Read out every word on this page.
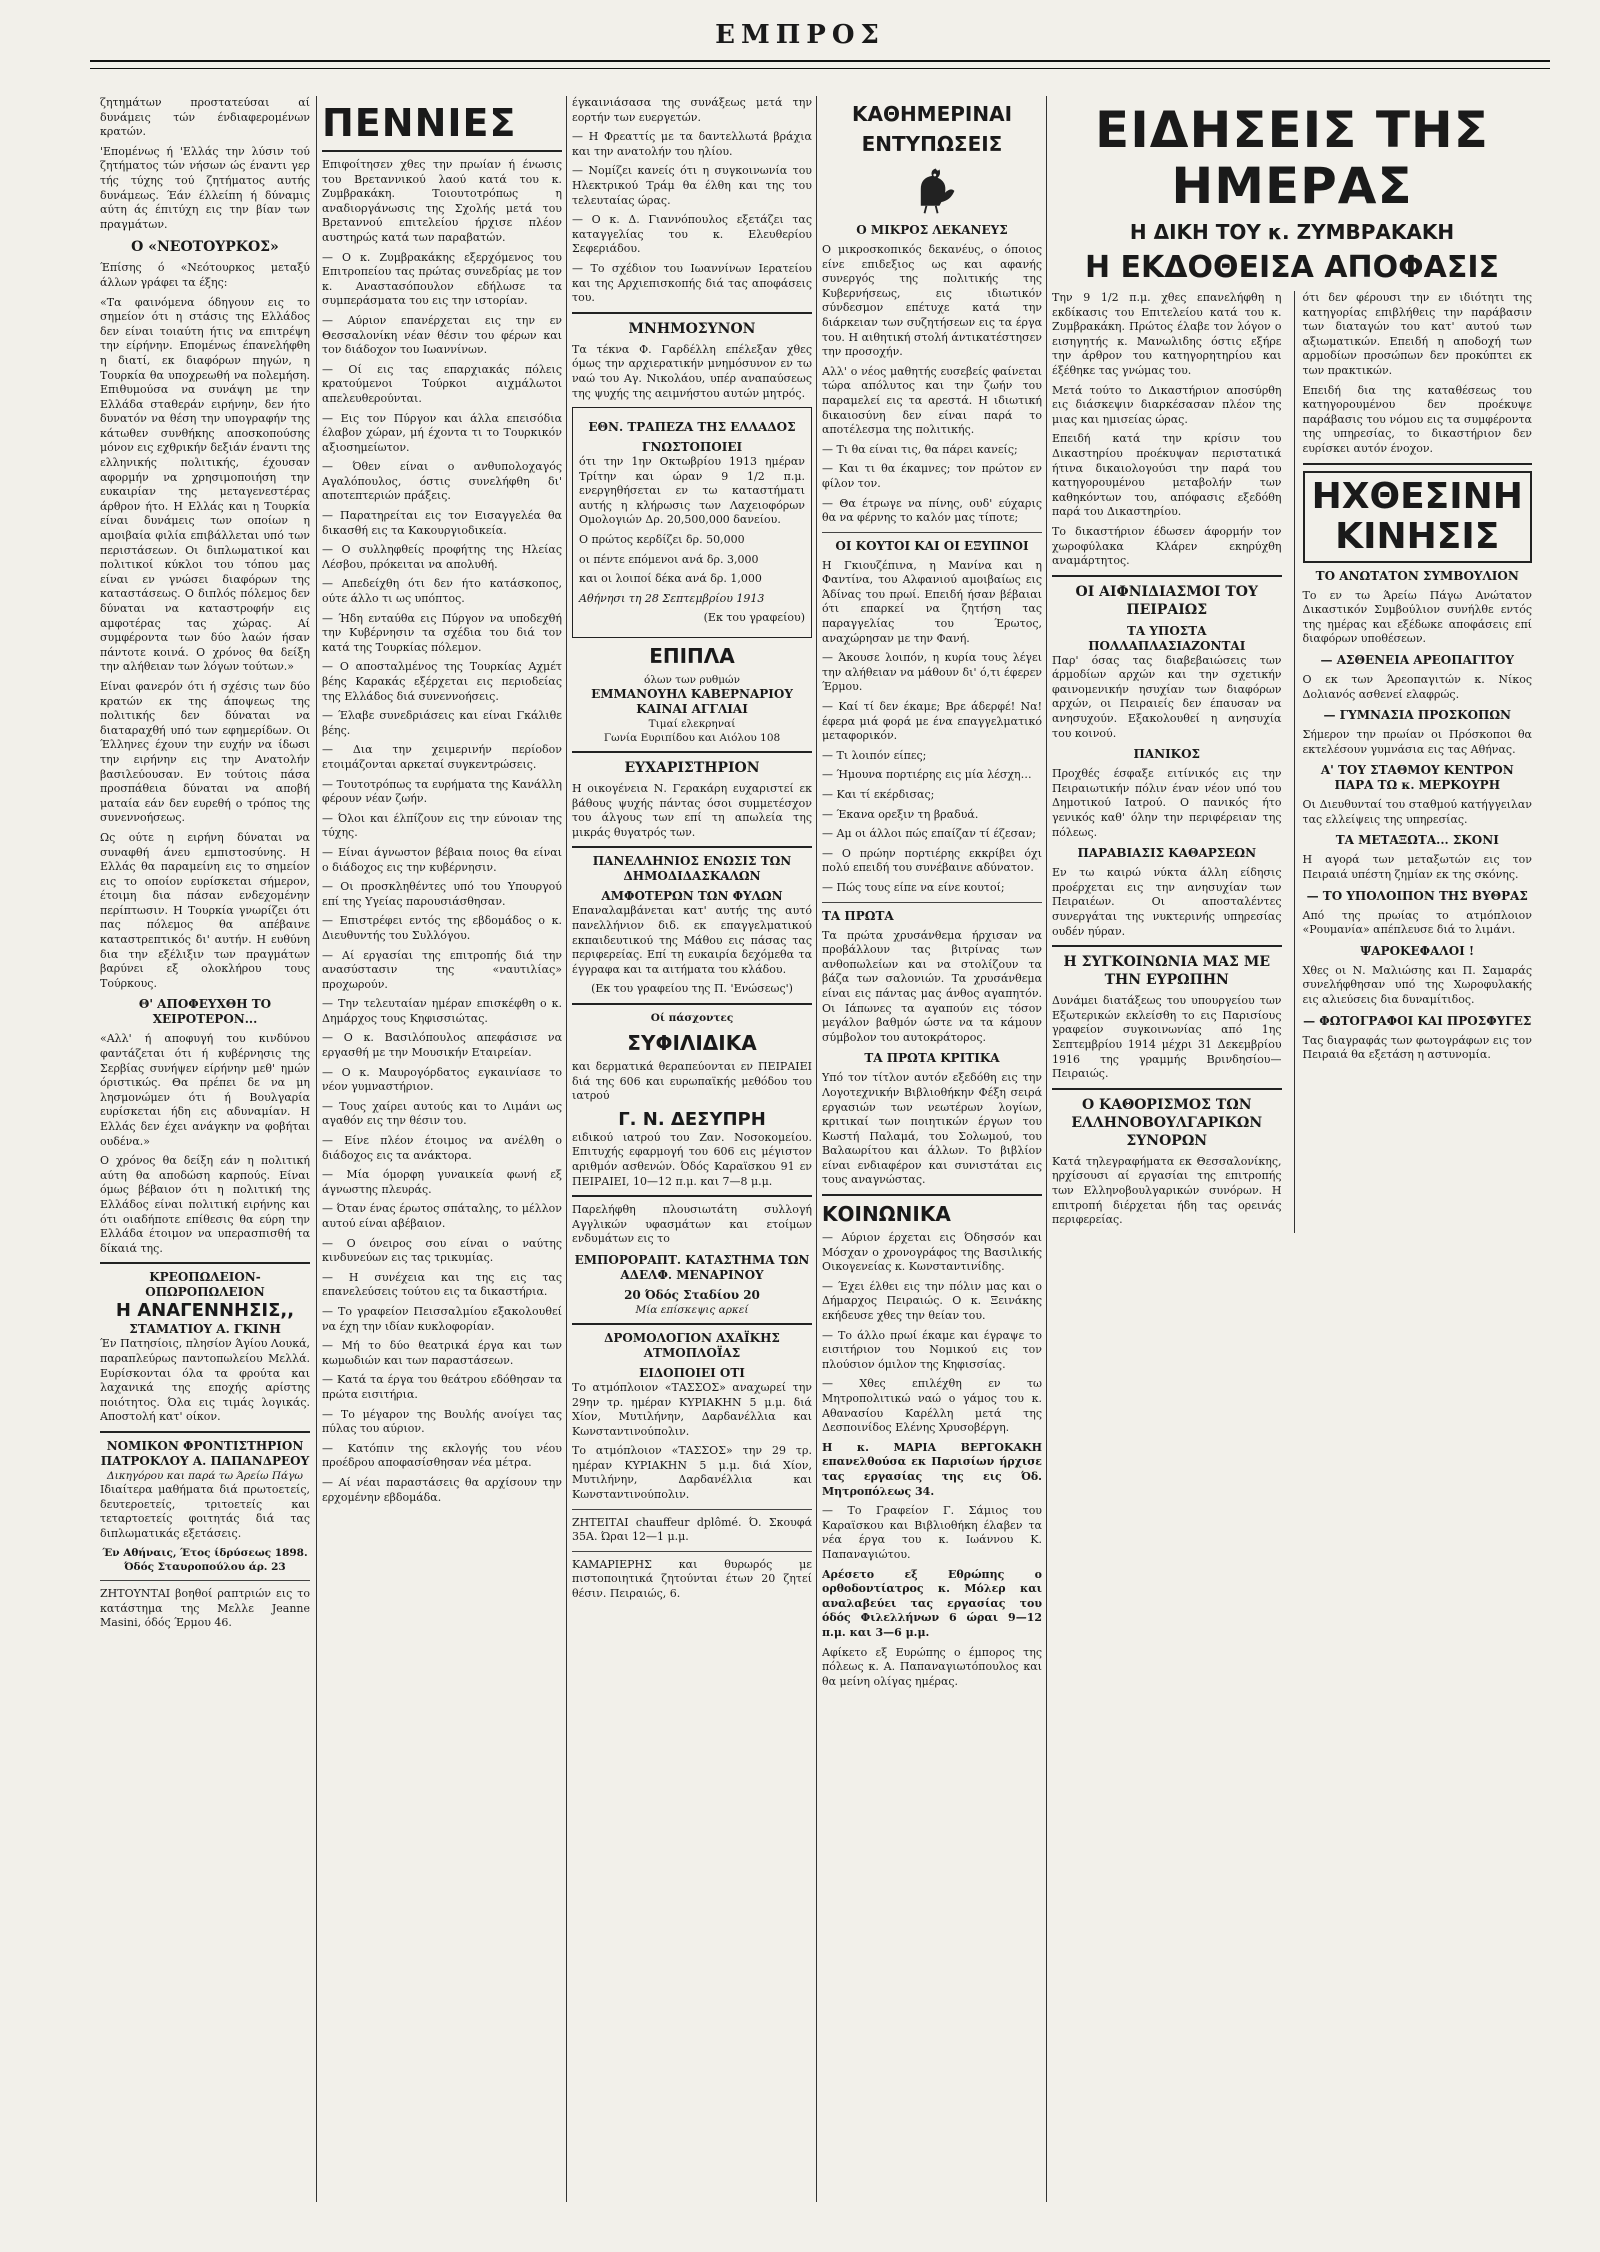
ΕΜΠΡΟΣ

ζητημάτων προστατεύσαι αί δυνάμεις τών ένδιαφερομένων κρατών.

'Επομένως ή 'Ελλάς την λύσιν τού ζητήματος τών νήσων ώς έναντι γερ τής τύχης τού ζητήματος αυτής δυνάμεως. Έάν έλλείπη ή δύναμις αύτη άς έπιτύχη εις την βίαν των πραγμάτων.

Ο «ΝΕΟΤΟΥΡΚΟΣ»

Έπίσης ό «Νεότουρκος μεταξύ άλλων γράφει τα έξης:

«Τα φαινόμενα όδηγουν εις το σημείον ότι η στάσις της Ελλάδος δεν είναι τοιαύτη ήτις να επιτρέψη την είρήνην. Επομένως έπανελήφθη η διατί, εκ διαφόρων πηγών, η Τουρκία θα υποχρεωθή να πολεμήση. Επιθυμούσα να συνάψη με την Ελλάδα σταθεράν ειρήνην, δεν ήτο δυνατόν να θέση την υπογραφήν της κάτωθεν συνθήκης αποσκοπούσης μόνον εις εχθρικήν δεξιάν έναντι της ελληνικής πολιτικής, έχουσαν αφορμήν να χρησιμοποιήση την ευκαιρίαν της μεταγενεστέρας άρθρον ήτο. Η Ελλάς και η Τουρκία είναι δυνάμεις των οποίων η αμοιβαία φιλία επιβάλλεται υπό των περιστάσεων. Οι διπλωματικοί και πολιτικοί κύκλοι του τόπου μας είναι εν γνώσει διαφόρων της καταστάσεως. Ο διπλός πόλεμος δεν δύναται να καταστροφήν εις αμφοτέρας τας χώρας. Αί συμφέροντα των δύο λαών ήσαν πάντοτε κοινά. Ο χρόνος θα δείξη την αλήθειαν των λόγων τούτων.»

Είναι φανερόν ότι ή σχέσις των δύο κρατών εκ της άποψεως της πολιτικής δεν δύναται να διαταραχθή υπό των εφημερίδων. Οι Έλληνες έχουν την ευχήν να ίδωσι την ειρήνην εις την Ανατολήν βασιλεύουσαν. Εν τούτοις πάσα προσπάθεια δύναται να αποβή ματαία εάν δεν ευρεθή ο τρόπος της συνεννοήσεως.

Ως ούτε η ειρήνη δύναται να συναφθή άνευ εμπιστοσύνης. Η Ελλάς θα παραμείνη εις το σημείον εις το οποίον ευρίσκεται σήμερον, έτοιμη δια πάσαν ενδεχομένην περίπτωσιν. Η Τουρκία γνωρίζει ότι πας πόλεμος θα απέβαινε καταστρεπτικός δι' αυτήν. Η ευθύνη δια την εξέλιξιν των πραγμάτων βαρύνει εξ ολοκλήρου τους Τούρκους.

Θ' ΑΠΟΦΕΥΧΘΗ ΤΟ ΧΕΙΡΟΤΕΡΟΝ...

«Αλλ' ή αποφυγή του κινδύνου φαντάζεται ότι ή κυβέρνησις της Σερβίας συνήψεν είρήνην μεθ' ημών όριστικώς. Θα πρέπει δε να μη λησμονώμεν ότι ή Βουλγαρία ευρίσκεται ήδη εις αδυναμίαν. Η Ελλάς δεν έχει ανάγκην να φοβήται ουδένα.»

Ο χρόνος θα δείξη εάν η πολιτική αύτη θα αποδώση καρπούς. Είναι όμως βέβαιον ότι η πολιτική της Ελλάδος είναι πολιτική ειρήνης και ότι οιαδήποτε επίθεσις θα εύρη την Ελλάδα έτοιμον να υπερασπισθή τα δίκαιά της.

ΚΡΕΟΠΩΛΕΙΟΝ-ΟΠΩΡΟΠΩΛΕΙΟΝ
Η ΑΝΑΓΕΝΝΗΣΙΣ,,
ΣΤΑΜΑΤΙΟΥ Α. ΓΚΙΝΗ

Έν Πατησίοις, πλησίον Άγίου Λουκά, παραπλεύρως παντοπωλείου Μελλά. Ευρίσκονται όλα τα φρούτα και λαχανικά της εποχής αρίστης ποιότητος. Όλα εις τιμάς λογικάς. Αποστολή κατ' οίκον.

ΝΟΜΙΚΟΝ ΦΡΟΝΤΙΣΤΗΡΙΟΝ
ΠΑΤΡΟΚΛΟΥ Α. ΠΑΠΑΝΔΡΕΟΥ
Δικηγόρου και παρά τω Άρείω Πάγω

Ιδιαίτερα μαθήματα διά πρωτοετείς, δευτεροετείς, τριτοετείς και τεταρτοετείς φοιτητάς διά τας διπλωματικάς εξετάσεις.

Έν Αθήναις, Έτος ίδρύσεως 1898. Όδός Σταυροπούλου άρ. 23

ΖΗΤΟΥΝΤΑΙ βοηθοί ραπτριών εις το κατάστημα της Μελλε Jeanne Masini, όδός Έρμου 46.

ΠΕΝΝΙΕΣ

Επιφοίτησεν χθες την πρωίαν ή ένωσις του Βρεταννικού λαού κατά του κ. Ζυμβρακάκη. Τοιουτοτρόπως η αναδιοργάνωσις της Σχολής μετά του Βρεταννού επιτελείου ήρχισε πλέον αυστηρώς κατά των παραβατών.

— Ο κ. Ζυμβρακάκης εξερχόμενος του Επιτροπείου τας πρώτας συνεδρίας με τον κ. Αναστασόπουλον εδήλωσε τα συμπεράσματα του εις την ιστορίαν.

— Αύριον επανέρχεται εις την εν Θεσσαλονίκη νέαν θέσιν του φέρων και τον διάδοχον του Ιωαννίνων.

— Οί εις τας επαρχιακάς πόλεις κρατούμενοι Τούρκοι αιχμάλωτοι απελευθερούνται.

— Εις τον Πύργον και άλλα επεισόδια έλαβον χώραν, μή έχοντα τι το Τουρκικόν αξιοσημείωτον.

— Όθεν είναι ο ανθυπολοχαγός Αγαλόπουλος, όστις συνελήφθη δι' αποτεπτεριών πράξεις.

— Παρατηρείται εις τον Εισαγγελέα θα δικασθή εις τα Κακουργιοδικεία.

— Ο συλληφθείς προφήτης της Ηλείας Λέσβου, πρόκειται να απολυθή.

— Απεδείχθη ότι δεν ήτο κατάσκοπος, ούτε άλλο τι ως υπόπτος.

— Ήδη ενταύθα εις Πύργον να υποδεχθή την Κυβέρνησιν τα σχέδια του διά τον κατά της Τουρκίας πόλεμον.

— Ο αποσταλμένος της Τουρκίας Αχμέτ βέης Καρακάς εξέρχεται εις περιοδείας της Ελλάδος διά συνεννοήσεις.

— Έλαβε συνεδριάσεις και είναι Γκάλιθε βέης.

— Δια την χειμερινήν περίοδον ετοιμάζονται αρκεταί συγκεντρώσεις.

— Τουτοτρόπως τα ευρήματα της Κανάλλη φέρουν νέαν ζωήν.

— Όλοι και έλπίζουν εις την εύνοιαν της τύχης.

— Είναι άγνωστον βέβαια ποιος θα είναι ο διάδοχος εις την κυβέρνησιν.

— Οι προσκληθέντες υπό του Υπουργού επί της Υγείας παρουσιάσθησαν.

— Επιστρέφει εντός της εβδομάδος ο κ. Διευθυντής του Συλλόγου.

— Αί εργασίαι της επιτροπής διά την ανασύστασιν της «ναυτιλίας» προχωρούν.

— Την τελευταίαν ημέραν επισκέφθη ο κ. Δημάρχος τους Κηφισσιώτας.

— Ο κ. Βασιλόπουλος απεφάσισε να εργασθή με την Μουσικήν Εταιρείαν.

— Ο κ. Μαυρογόρδατος εγκαινίασε το νέον γυμναστήριον.

— Τους χαίρει αυτούς και το Λιμάνι ως αγαθόν εις την θέσιν του.

— Είνε πλέον έτοιμος να ανέλθη ο διάδοχος εις τα ανάκτορα.

— Μία όμορφη γυναικεία φωνή εξ άγνωστης πλευράς.

— Όταν ένας έρωτος σπάταλης, το μέλλον αυτού είναι αβέβαιον.

— Ο όνειρος σου είναι ο ναύτης κινδυνεύων εις τας τρικυμίας.

— Η συνέχεια και της εις τας επανελεύσεις τούτου εις τα δικαστήρια.

— Το γραφείον Πεισσαλμίου εξακολουθεί να έχη την ιδίαν κυκλοφορίαν.

— Μή το δύο θεατρικά έργα και των κωμωδιών και των παραστάσεων.

— Κατά τα έργα του θεάτρου εδόθησαν τα πρώτα εισιτήρια.

— Το μέγαρον της Βουλής ανοίγει τας πύλας του αύριον.

— Κατόπιν της εκλογής του νέου προέδρου αποφασίσθησαν νέα μέτρα.

— Αί νέαι παραστάσεις θα αρχίσουν την ερχομένην εβδομάδα.

έγκαινιάσασα της συνάξεως μετά την εορτήν των ευεργετών.

— Η Φρεαττίς με τα δαντελλωτά βράχια και την ανατολήν του ηλίου.

— Νομίζει κανείς ότι η συγκοινωνία του Ηλεκτρικού Τράμ θα έλθη και της του τελευταίας ώρας.

— Ο κ. Δ. Γιαννόπουλος εξετάζει τας καταγγελίας του κ. Ελευθερίου Σεφεριάδου.

— Το σχέδιον του Ιωαννίνων Ιερατείου και της Αρχιεπισκοπής διά τας αποφάσεις του.

ΜΝΗΜΟΣΥΝΟΝ

Τα τέκνα Φ. Γαρδέλλη επέλεξαν χθες όμως την αρχιερατικήν μνημόσυνον εν τω ναώ του Αγ. Νικολάου, υπέρ αναπαύσεως της ψυχής της αειμνήστου αυτών μητρός.

ΕΘΝ. ΤΡΑΠΕΖΑ ΤΗΣ ΕΛΛΑΔΟΣ
ΓΝΩΣΤΟΠΟΙΕΙ

ότι την 1ην Οκτωβρίου 1913 ημέραν Τρίτην και ώραν 9 1/2 π.μ. ενεργηθήσεται εν τω καταστήματι αυτής η κλήρωσις των Λαχειοφόρων Ομολογιών Δρ. 20,500,000 δανείου.

Ο πρώτος κερδίζει δρ. 50,000

οι πέντε επόμενοι ανά δρ. 3,000

και οι λοιποί δέκα ανά δρ. 1,000

Αθήνησι τη 28 Σεπτεμβρίου 1913

(Εκ του γραφείου)

ΕΠΙΠΛΑ
όλων των ρυθμών
ΕΜΜΑΝΟΥΗΛ ΚΑΒΕΡΝΑΡΙΟΥ
ΚΑΙΝΑΙ ΑΓΓΛΙΑΙ
Τιμαί ελεκρηναί
Γωνία Ευριπίδου και Αιόλου 108
ΕΥΧΑΡΙΣΤΗΡΙΟΝ

Η οικογένεια Ν. Γερακάρη ευχαριστεί εκ βάθους ψυχής πάντας όσοι συμμετέσχον του άλγους των επί τη απωλεία της μικράς θυγατρός των.

ΠΑΝΕΛΛΗΝΙΟΣ ΕΝΩΣΙΣ ΤΩΝ ΔΗΜΟΔΙΔΑΣΚΑΛΩΝ
ΑΜΦΟΤΕΡΩΝ ΤΩΝ ΦΥΛΩΝ

Επαναλαμβάνεται κατ' αυτής της αυτό πανελλήνιον διδ. εκ επαγγελματικού εκπαιδευτικού της Μάθου εις πάσας τας περιφερείας. Επί τη ευκαιρία δεχόμεθα τα έγγραφα και τα αιτήματα του κλάδου.

(Εκ του γραφείου της Π. 'Ενώσεως')

Οί πάσχοντες
ΣΥΦΙΛΙΔΙΚΑ

και δερματικά θεραπεύονται εν ΠΕΙΡΑΙΕΙ διά της 606 και ευρωπαϊκής μεθόδου του ιατρού

Γ. Ν. ΔΕΣΥΠΡΗ

ειδικού ιατρού του Ζαν. Νοσοκομείου. Επιτυχής εφαρμογή του 606 εις μέγιστον αριθμόν ασθενών. Όδός Καραϊσκου 91 εν ΠΕΙΡΑΙΕΙ, 10—12 π.μ. και 7—8 μ.μ.

Παρελήφθη πλουσιωτάτη συλλογή Αγγλικών υφασμάτων και ετοίμων ενδυμάτων εις το

ΕΜΠΟΡΟΡΑΠΤ. ΚΑΤΑΣΤΗΜΑ ΤΩΝ ΑΔΕΛΦ. ΜΕΝΑΡΙΝΟΥ
20 Όδός Σταδίου 20
Μία επίσκεψις αρκεί
ΔΡΟΜΟΛΟΓΙΟΝ ΑΧΑΪΚΗΣ ΑΤΜΟΠΛΟΪΑΣ
ΕΙΔΟΠΟΙΕΙ ΟΤΙ

Το ατμόπλοιον «ΤΑΣΣΟΣ» αναχωρεί την 29ην τρ. ημέραν ΚΥΡΙΑΚΗΝ 5 μ.μ. διά Χίον, Μυτιλήνην, Δαρδανέλλια και Κωνσταντινούπολιν.

Το ατμόπλοιον «ΤΑΣΣΟΣ» την 29 τρ. ημέραν ΚΥΡΙΑΚΗΝ 5 μ.μ. διά Χίον, Μυτιλήνην, Δαρδανέλλια και Κωνσταντινούπολιν.

ΖΗΤΕΙΤΑΙ chauffeur dplômé. Ό. Σκουφά 35Α. Ώραι 12—1 μ.μ.

ΚΑΜΑΡΙΕΡΗΣ και θυρωρός με πιστοποιητικά ζητούνται έτων 20 ζητεί θέσιν. Πειραιώς, 6.

ΚΑΘΗΜΕΡΙΝΑΙ
ΕΝΤΥΠΩΣΕΙΣ
Ο ΜΙΚΡΟΣ ΛΕΚΑΝΕΥΣ

Ο μικροσκοπικός δεκανέυς, ο όποιος είνε επιδεξιος ως και αφανής συνεργός της πολιτικής της Κυβερνήσεως, εις ιδιωτικόν σύνδεσμον επέτυχε κατά την διάρκειαν των συζητήσεων εις τα έργα του. Η αιθητική στολή άντικατέστησεν την προσοχήν.

Αλλ' ο νέος μαθητής ευσεβείς φαίνεται τώρα απόλυτος και την ζωήν του παραμελεί εις τα αρεστά. Η ιδιωτική δικαιοσύνη δεν είναι παρά το αποτέλεσμα της πολιτικής.

— Τι θα είναι τις, θα πάρει κανείς;

— Και τι θα έκαμνες; τον πρώτον εν φίλον τον.

— Θα έτρωγε να πίνης, ουδ' εύχαρις θα να φέρνης το καλόν μας τίποτε;

ΟΙ ΚΟΥΤΟΙ ΚΑΙ ΟΙ ΕΞΥΠΝΟΙ

Η Γκιουζέπινα, η Μανίνα και η Φαντίνα, του Αλφανιού αμοιβαίως εις Άδίνας του πρωί. Επειδή ήσαν βέβαιαι ότι επαρκεί να ζητήση τας παραγγελίας του Έρωτος, αναχώρησαν με την Φανή.

— Άκουσε λοιπόν, η κυρία τους λέγει την αλήθειαν να μάθουν δι' ό,τι έφερεν Έρμου.

— Καί τί δεν έκαμε; Βρε άδερφέ! Να! έφερα μιά φορά με ένα επαγγελματικό μεταφορικόν.

— Τι λοιπόν είπες;

— Ήμουνα πορτιέρης εις μία λέσχη…

— Και τί εκέρδισας;

— Έκανα ορεξιν τη βραδυά.

— Αμ οι άλλοι πώς επαίζαν τί έζεσαν;

— Ο πρώην πορτιέρης εκκρίβει όχι πολύ επειδή του συνέβαινε αδύνατον.

— Πώς τους είπε να είνε κουτοί;

ΤΑ ΠΡΩΤΑ

Τα πρώτα χρυσάνθεμα ήρχισαν να προβάλλουν τας βιτρίνας των ανθοπωλείων και να στολίζουν τα βάζα των σαλονιών. Τα χρυσάνθεμα είναι εις πάντας μας άνθος αγαπητόν. Οι Ιάπωνες τα αγαπούν εις τόσον μεγάλον βαθμόν ώστε να τα κάμουν σύμβολον του αυτοκράτορος.

ΤΑ ΠΡΩΤΑ ΚΡΙΤΙΚΑ

Υπό τον τίτλον αυτόν εξεδόθη εις την Λογοτεχνικήν Βιβλιοθήκην Φέξη σειρά εργασιών των νεωτέρων λογίων, κριτικαί των ποιητικών έργων του Κωστή Παλαμά, του Σολωμού, του Βαλαωρίτου και άλλων. Το βιβλίον είναι ενδιαφέρον και συνιστάται εις τους αναγνώστας.

ΚΟΙΝΩΝΙΚΑ

— Αύριον έρχεται εις Όδησσόν και Μόσχαν ο χρονογράφος της Βασιλικής Οικογενείας κ. Κωνσταντινίδης.

— Έχει έλθει εις την πόλιν μας και ο Δήμαρχος Πειραιώς. Ο κ. Ξεινάκης εκήδευσε χθες την θείαν του.

— Το άλλο πρωί έκαμε και έγραψε το εισιτήριον του Νομικού εις τον πλούσιον όμιλον της Κηφισσίας.

— Χθες επιλέχθη εν τω Μητροπολιτικώ ναώ ο γάμος του κ. Αθανασίου Καρέλλη μετά της Δεσποινίδος Ελένης Χρυσοβέργη.

Η κ. ΜΑΡΙΑ ΒΕΡΓΟΚΑΚΗ επανελθούσα εκ Παρισίων ήρχισε τας εργασίας της εις Όδ. Μητροπόλεως 34.

— Το Γραφείον Γ. Σάμιος του Καραϊσκου και Βιβλιοθήκη έλαβεν τα νέα έργα του κ. Ιωάννου Κ. Παπαναγιώτου.

Αρέσετο εξ Εθρώπης ο ορθοδοντίατρος κ. Μόλερ και αναλαβεύει τας εργασίας του όδός Φιλελλήνων 6 ώραι 9—12 π.μ. και 3—6 μ.μ.

Αφίκετο εξ Ευρώπης ο έμπορος της πόλεως κ. Α. Παπαναγιωτόπουλος και θα μείνη ολίγας ημέρας.

ΕΙΔΗΣΕΙΣ ΤΗΣ ΗΜΕΡΑΣ
Η ΔΙΚΗ ΤΟΥ κ. ΖΥΜΒΡΑΚΑΚΗ
Η ΕΚΔΟΘΕΙΣΑ ΑΠΟΦΑΣΙΣ

Την 9 1/2 π.μ. χθες επανελήφθη η εκδίκασις του Επιτελείου κατά του κ. Ζυμβρακάκη. Πρώτος έλαβε τον λόγον ο εισηγητής κ. Μανωλιδης όστις εξήρε την άρθρον του κατηγορητηρίου και έξέθηκε τας γνώμας του.

Μετά τούτο το Δικαστήριον αποσύρθη εις διάσκεψιν διαρκέσασαν πλέον της μιας και ημισείας ώρας.

Επειδή κατά την κρίσιν του Δικαστηρίου προέκυψαν περιστατικά ήτινα δικαιολογούσι την παρά του κατηγορουμένου μεταβολήν των καθηκόντων του, απόφασις εξεδόθη παρά του Δικαστηρίου.

Το δικαστήριον έδωσεν άφορμήν τον χωροφύλακα Κλάρεν εκηρύχθη αναμάρτητος.

ΟΙ ΑΙΦΝΙΔΙΑΣΜΟΙ ΤΟΥ ΠΕΙΡΑΙΩΣ
ΤΑ ΥΠΟΣΤΑ ΠΟΛΛΑΠΛΑΣΙΑΖΟΝΤΑΙ

Παρ' όσας τας διαβεβαιώσεις των άρμοδίων αρχών και την σχετικήν φαινομενικήν ησυχίαν των διαφόρων αρχών, οι Πειραιείς δεν έπαυσαν να ανησυχούν. Εξακολουθεί η ανησυχία του κοινού.

ΠΑΝΙΚΟΣ

Προχθές έσφαξε ειτίνικός εις την Πειραιωτικήν πόλιν έναν νέον υπό του Δημοτικού Ιατρού. Ο πανικός ήτο γενικός καθ' όλην την περιφέρειαν της πόλεως.

ΠΑΡΑΒΙΑΣΙΣ ΚΑΘΑΡΣΕΩΝ

Εν τω καιρώ νύκτα άλλη είδησις προέρχεται εις την ανησυχίαν των Πειραιέων. Οι αποσταλέντες συνεργάται της νυκτερινής υπηρεσίας ουδέν ηύραν.

Η ΣΥΓΚΟΙΝΩΝΙΑ ΜΑΣ ΜΕ ΤΗΝ ΕΥΡΩΠΗΝ

Δυνάμει διατάξεως του υπουργείου των Εξωτερικών εκλείσθη το εις Παρισίους γραφείον συγκοινωνίας από 1ης Σεπτεμβρίου 1914 μέχρι 31 Δεκεμβρίου 1916 της γραμμής Βρινδησίου—Πειραιώς.

Ο ΚΑΘΟΡΙΣΜΟΣ ΤΩΝ ΕΛΛΗΝΟΒΟΥΛΓΑΡΙΚΩΝ ΣΥΝΟΡΩΝ

Κατά τηλεγραφήματα εκ Θεσσαλονίκης, ηρχίσουσι αί εργασίαι της επιτροπής των Ελληνοβουλγαρικών συνόρων. Η επιτροπή διέρχεται ήδη τας ορεινάς περιφερείας.

ότι δεν φέρουσι την εν ιδιότητι της κατηγορίας επιβλήθεις την παράβασιν των διαταγών του κατ' αυτού των αξιωματικών. Επειδή η αποδοχή των αρμοδίων προσώπων δεν προκύπτει εκ των πρακτικών.

Επειδή δια της καταθέσεως του κατηγορουμένου δεν προέκυψε παράβασις του νόμου εις τα συμφέροντα της υπηρεσίας, το δικαστήριον δεν ευρίσκει αυτόν ένοχον.

ΗΧΘΕΣΙΝΗ ΚΙΝΗΣΙΣ
ΤΟ ΑΝΩΤΑΤΟΝ ΣΥΜΒΟΥΛΙΟΝ

Το εν τω Άρείω Πάγω Ανώτατον Δικαστικόν Συμβούλιον συνήλθε εντός της ημέρας και εξέδωκε αποφάσεις επί διαφόρων υποθέσεων.

— ΑΣΘΕΝΕΙΑ ΑΡΕΟΠΑΓΙΤΟΥ

Ο εκ των Άρεοπαγιτών κ. Νίκος Δολιανός ασθενεί ελαφρώς.

— ΓΥΜΝΑΣΙΑ ΠΡΟΣΚΟΠΩΝ

Σήμερον την πρωίαν οι Πρόσκοποι θα εκτελέσουν γυμνάσια εις τας Αθήνας.

Α' ΤΟΥ ΣΤΑΘΜΟΥ ΚΕΝΤΡΟΝ ΠΑΡΑ ΤΩ κ. ΜΕΡΚΟΥΡΗ

Οι Διευθυνταί του σταθμού κατήγγειλαν τας ελλείψεις της υπηρεσίας.

ΤΑ ΜΕΤΑΞΩΤΑ... ΣΚΟΝΙ

Η αγορά των μεταξωτών εις τον Πειραιά υπέστη ζημίαν εκ της σκόνης.

— ΤΟ ΥΠΟΛΟΙΠΟΝ ΤΗΣ ΒΥΘΡΑΣ

Από της πρωίας το ατμόπλοιον «Ρουμανία» απέπλευσε διά το λιμάνι.

ΨΑΡΟΚΕΦΑΛΟΙ !

Χθες οι Ν. Μαλιώσης και Π. Σαμαράς συνελήφθησαν υπό της Χωροφυλακής εις αλιεύσεις δια δυναμίτιδος.

— ΦΩΤΟΓΡΑΦΟΙ ΚΑΙ ΠΡΟΣΦΥΓΕΣ

Τας διαγραφάς των φωτογράφων εις τον Πειραιά θα εξετάση η αστυνομία.
